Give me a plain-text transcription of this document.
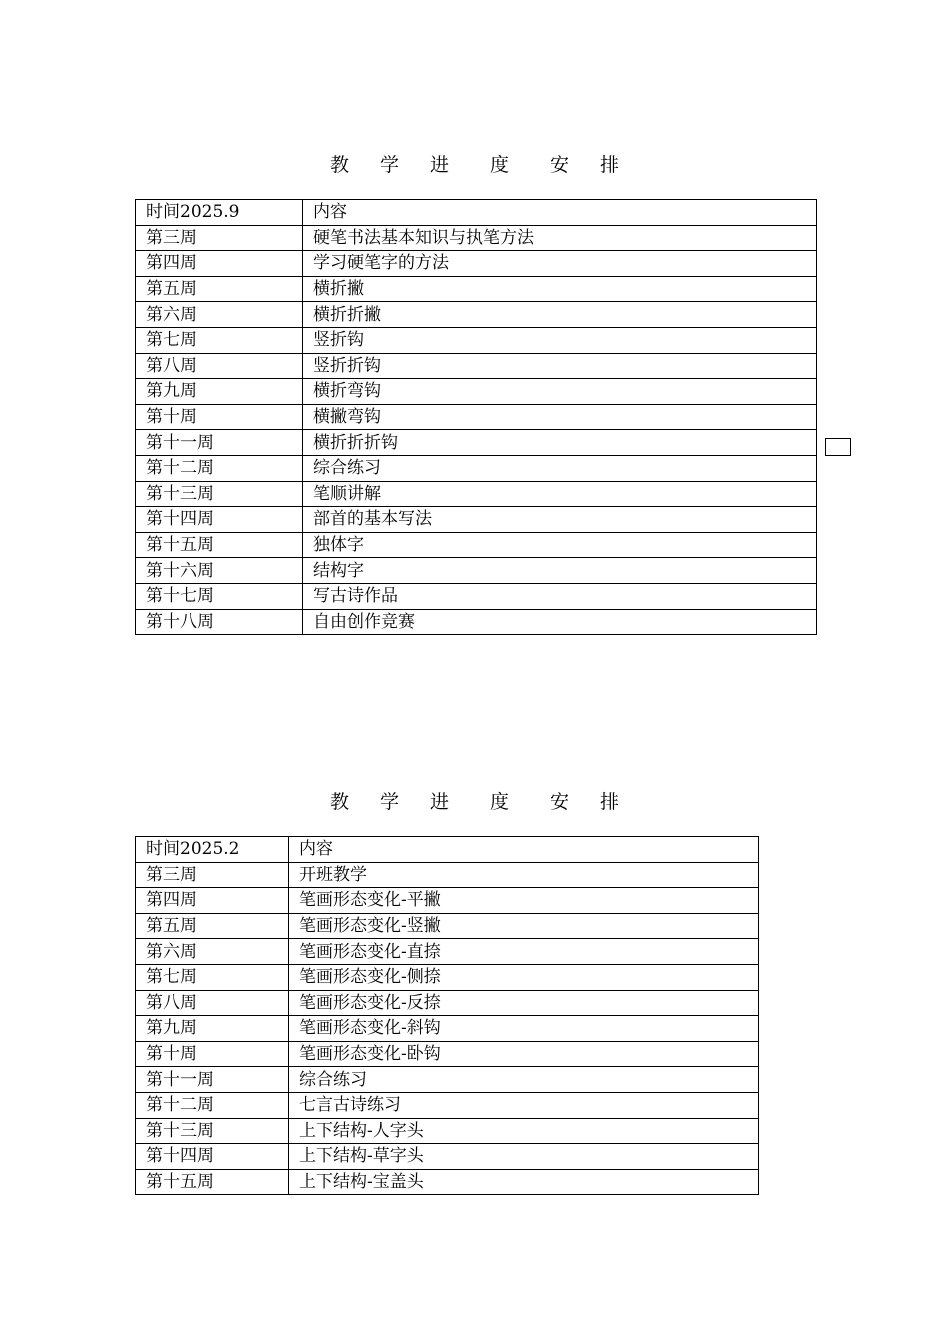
教 学 进 度 安 排
时间2025.9	内容
第三周	硬笔书法基本知识与执笔方法
第四周	学习硬笔字的方法
第五周	横折撇
第六周	横折折撇
第七周	竖折钩
第八周	竖折折钩
第九周	横折弯钩
第十周	横撇弯钩
第十一周	横折折折钩
第十二周	综合练习
第十三周	笔顺讲解
第十四周	部首的基本写法
第十五周	独体字
第十六周	结构字
第十七周	写古诗作品
第十八周	自由创作竞赛
教 学 进 度 安 排
时间2025.2	内容
第三周	开班教学
第四周	笔画形态变化-平撇
第五周	笔画形态变化-竖撇
第六周	笔画形态变化-直捺
第七周	笔画形态变化-侧捺
第八周	笔画形态变化-反捺
第九周	笔画形态变化-斜钩
第十周	笔画形态变化-卧钩
第十一周	综合练习
第十二周	七言古诗练习
第十三周	上下结构-人字头
第十四周	上下结构-草字头
第十五周	上下结构-宝盖头
